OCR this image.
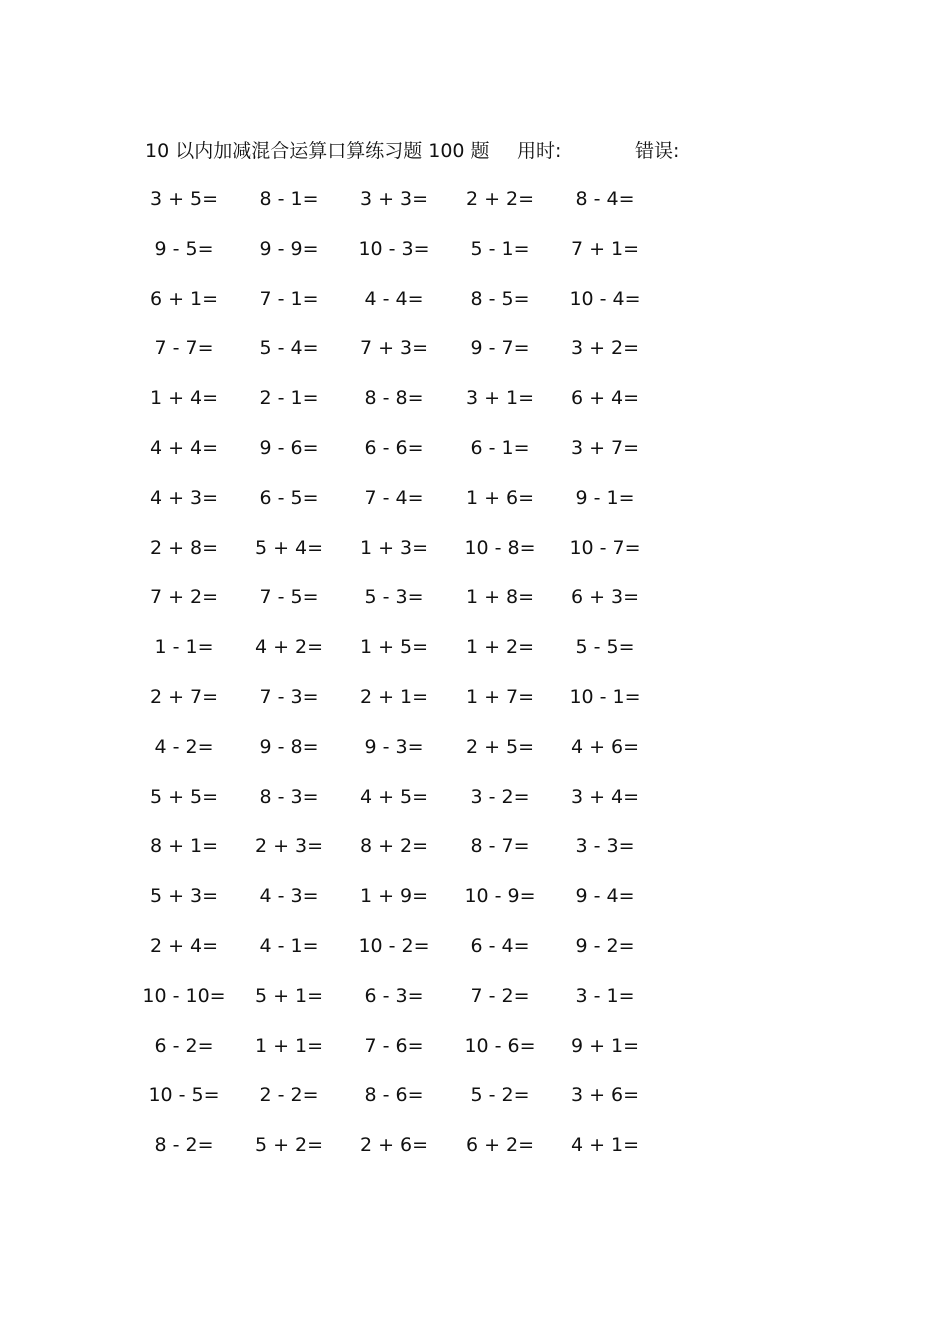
10 以内加减混合运算口算练习题 100 题 用时:	错误:
3 + 5= 8 - 1= 3 + 3= 2 + 2= 8 - 4=
9 - 5= 9 - 9= 10 - 3= 5 - 1= 7 + 1=
6 + 1= 7 - 1= 4 - 4= 8 - 5= 10 - 4=
7 - 7= 5 - 4= 7 + 3= 9 - 7= 3 + 2=
1 + 4= 2 - 1= 8 - 8= 3 + 1= 6 + 4=
4 + 4= 9 - 6= 6 - 6= 6 - 1= 3 + 7=
4 + 3= 6 - 5= 7 - 4= 1 + 6= 9 - 1=
2 + 8= 5 + 4= 1 + 3= 10 - 8= 10 - 7=
7 + 2= 7 - 5= 5 - 3= 1 + 8= 6 + 3=
1 - 1= 4 + 2= 1 + 5= 1 + 2= 5 - 5=
2 + 7= 7 - 3= 2 + 1= 1 + 7= 10 - 1=
4 - 2= 9 - 8= 9 - 3= 2 + 5= 4 + 6=
5 + 5= 8 - 3= 4 + 5= 3 - 2= 3 + 4=
8 + 1= 2 + 3= 8 + 2= 8 - 7= 3 - 3=
5 + 3= 4 - 3= 1 + 9= 10 - 9= 9 - 4=
2 + 4= 4 - 1= 10 - 2= 6 - 4= 9 - 2=
10 - 10= 5 + 1= 6 - 3= 7 - 2= 3 - 1=
6 - 2= 1 + 1= 7 - 6= 10 - 6= 9 + 1=
10 - 5= 2 - 2= 8 - 6= 5 - 2= 3 + 6=
8 - 2= 5 + 2= 2 + 6= 6 + 2= 4 + 1=
